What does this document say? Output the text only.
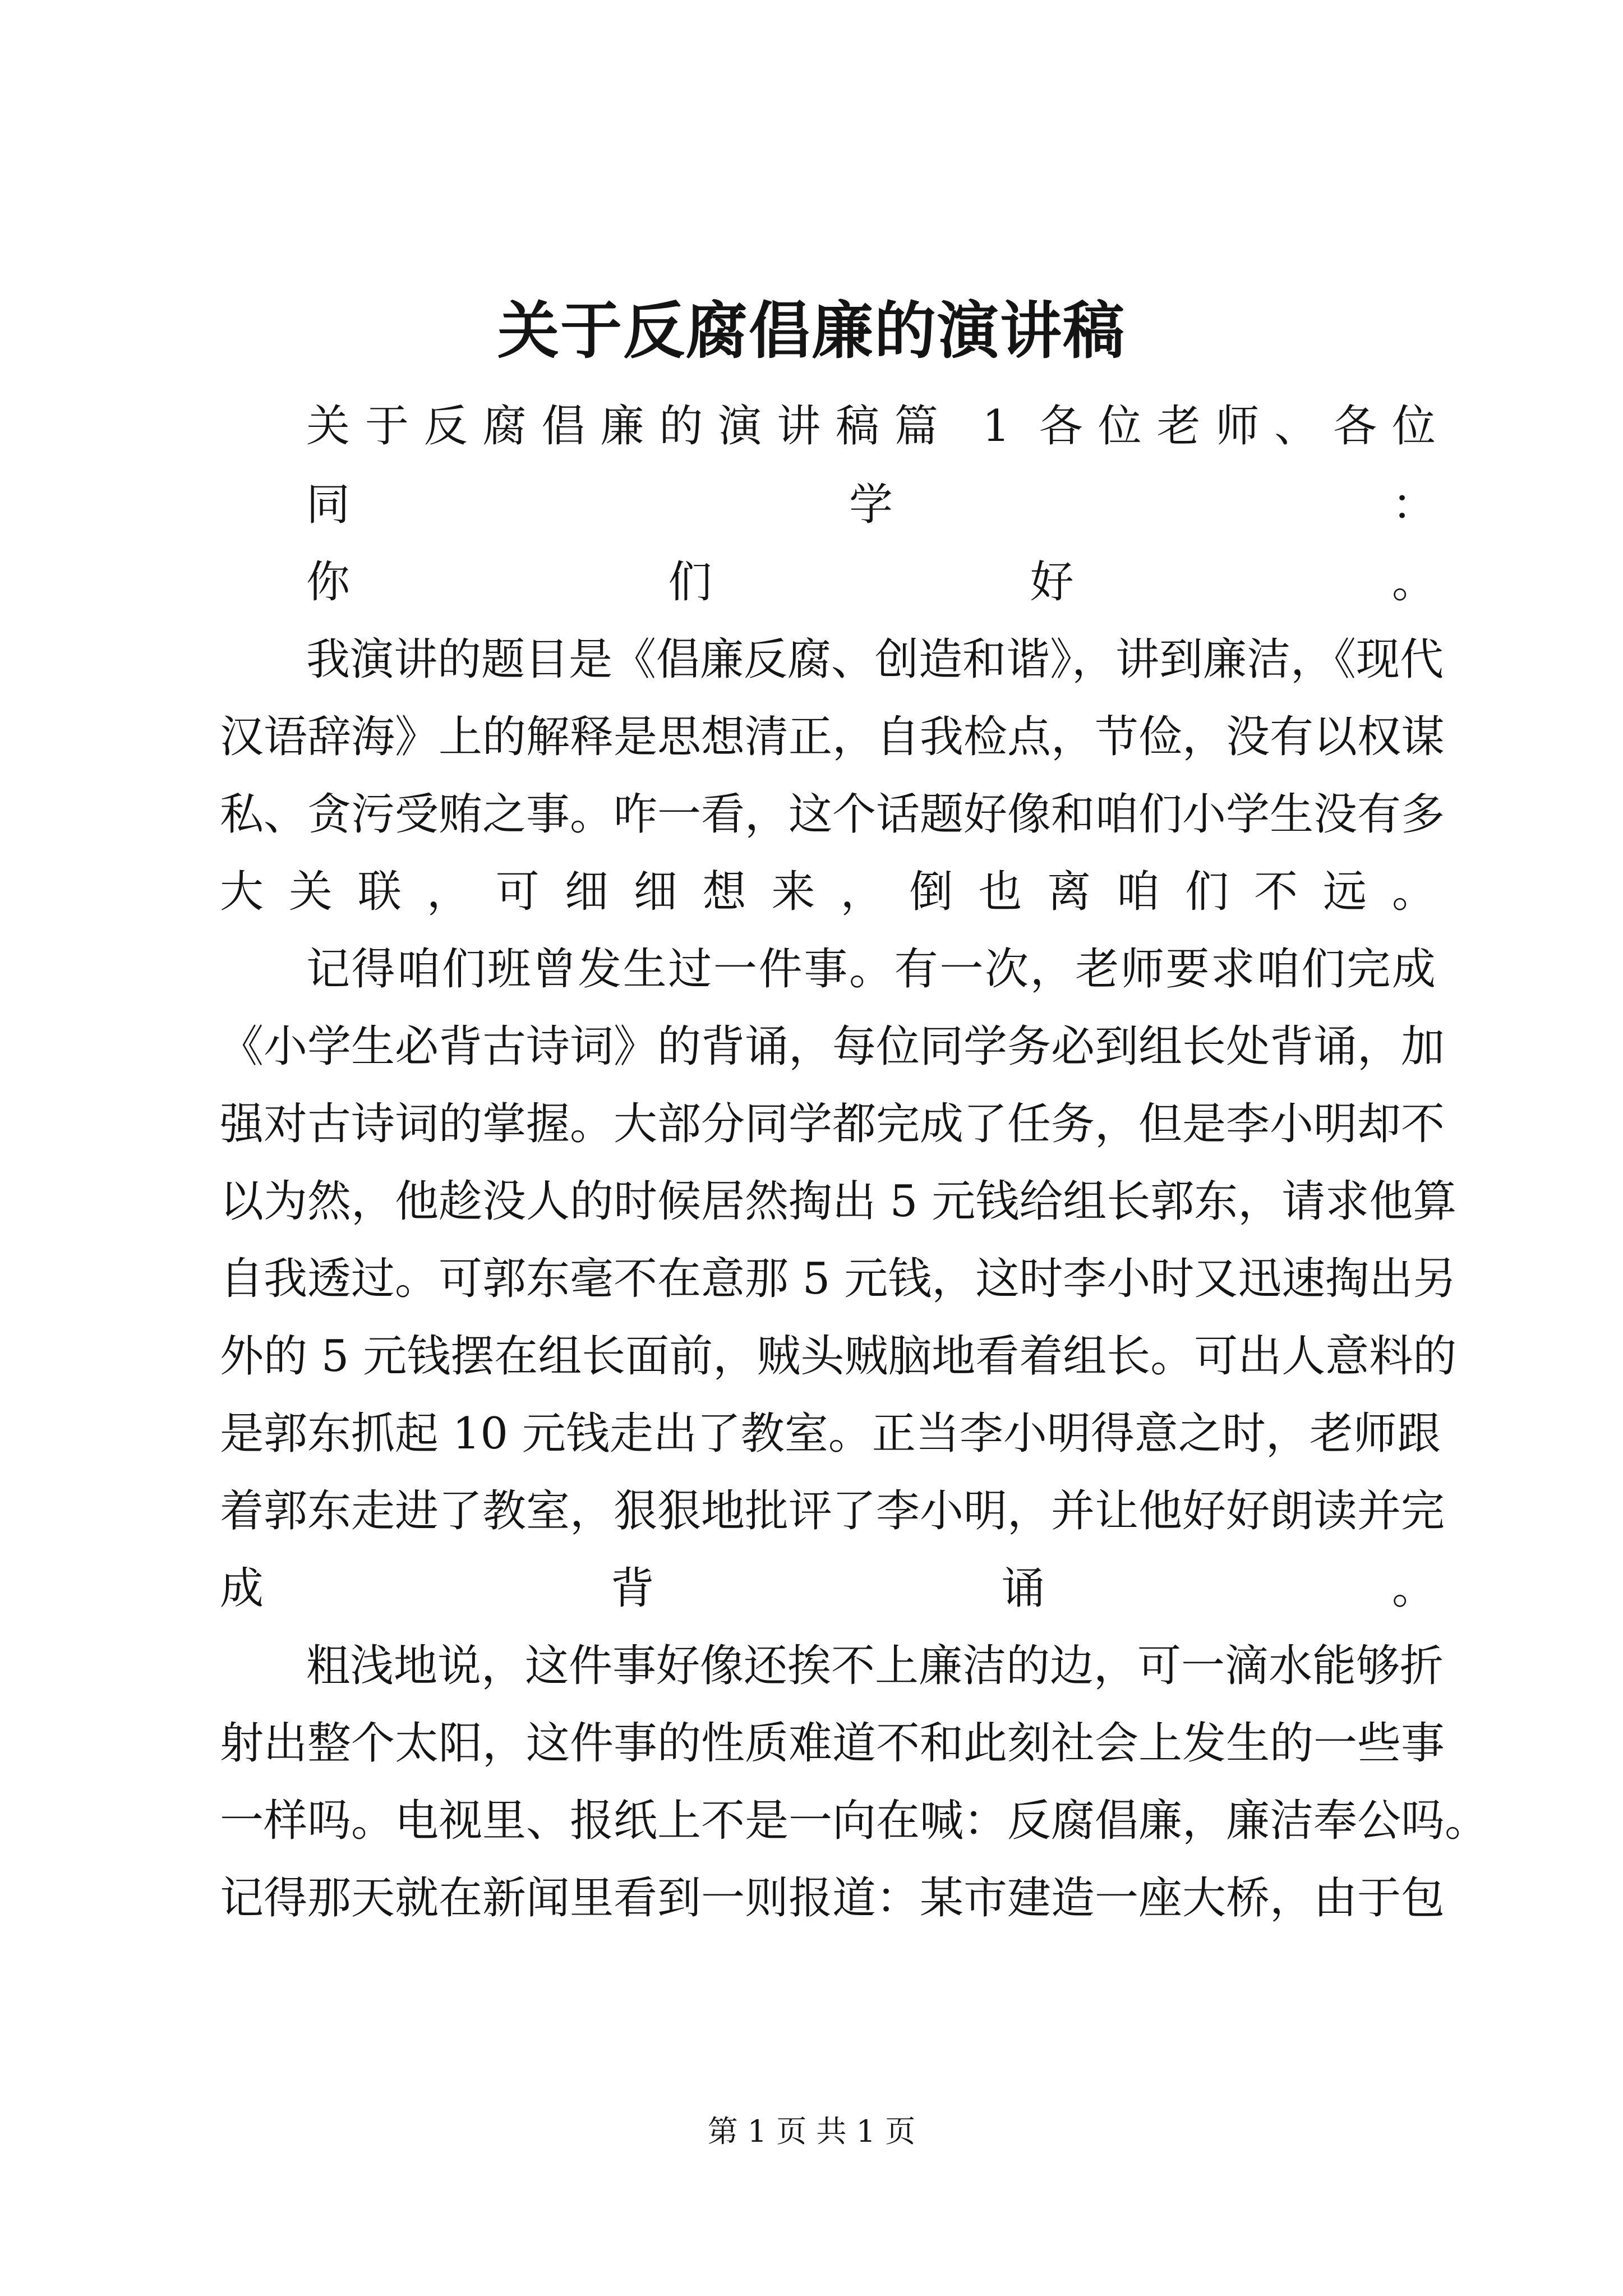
关于反腐倡廉的演讲稿
关于反腐倡廉的演讲稿篇 1 各位老师、各位
同学：
你们好。
我演讲的题目是《倡廉反腐、创造和谐》，讲到廉洁，《现代
汉语辞海》上的解释是思想清正，自我检点，节俭，没有以权谋
私、贪污受贿之事。咋一看，这个话题好像和咱们小学生没有多
大关联，可细细想来，倒也离咱们不远。
记得咱们班曾发生过一件事。有一次，老师要求咱们完成
《小学生必背古诗词》的背诵，每位同学务必到组长处背诵，加
强对古诗词的掌握。大部分同学都完成了任务，但是李小明却不
以为然，他趁没人的时候居然掏出 5 元钱给组长郭东，请求他算
自我透过。可郭东毫不在意那 5 元钱，这时李小时又迅速掏出另
外的 5 元钱摆在组长面前，贼头贼脑地看着组长。可出人意料的
是郭东抓起 10 元钱走出了教室。正当李小明得意之时，老师跟
着郭东走进了教室，狠狠地批评了李小明，并让他好好朗读并完
成背诵。
粗浅地说，这件事好像还挨不上廉洁的边，可一滴水能够折
射出整个太阳，这件事的性质难道不和此刻社会上发生的一些事
一样吗。电视里、报纸上不是一向在喊：反腐倡廉，廉洁奉公吗。
记得那天就在新闻里看到一则报道：某市建造一座大桥，由于包
第 1 页 共 1 页
